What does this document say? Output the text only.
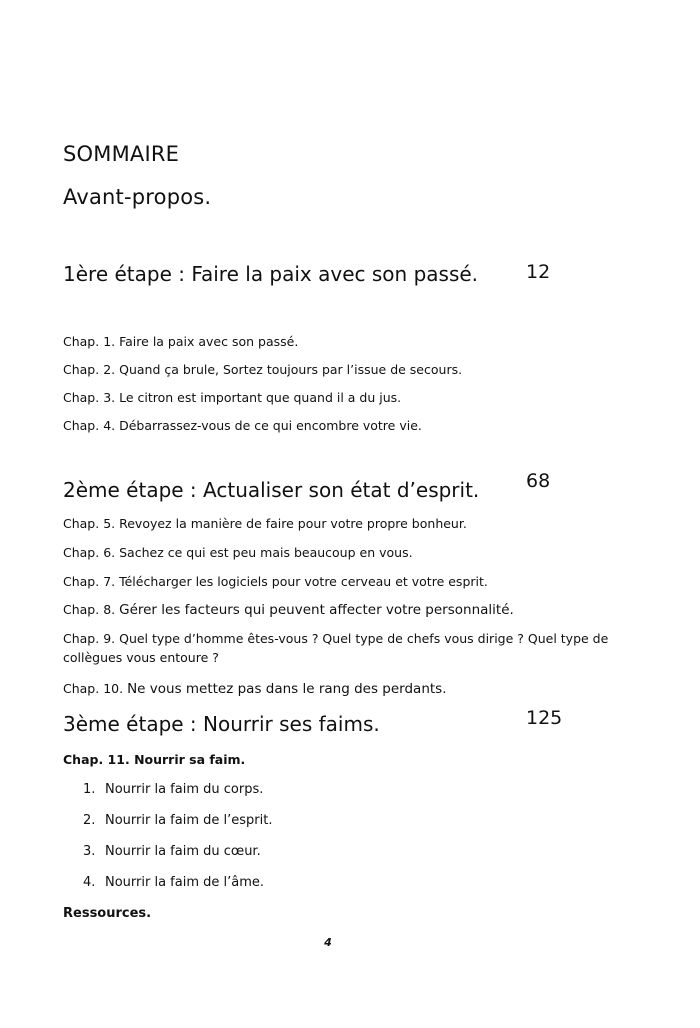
SOMMAIRE
Avant-propos.
1ère étape : Faire la paix avec son passé.	12
Chap. 1. Faire la paix avec son passé.
Chap. 2. Quand ça brule, Sortez toujours par l’issue de secours.
Chap. 3. Le citron est important que quand il a du jus.
Chap. 4. Débarrassez-vous de ce qui encombre votre vie.
2ème étape : Actualiser son état d’esprit. 68
Chap. 5. Revoyez la manière de faire pour votre propre bonheur.
Chap. 6. Sachez ce qui est peu mais beaucoup en vous.
Chap. 7. Télécharger les logiciels pour votre cerveau et votre esprit.
Chap. 8. Gérer les facteurs qui peuvent affecter votre personnalité.
Chap. 9. Quel type d’homme êtes-vous ? Quel type de chefs vous dirige ? Quel type de collègues vous entoure ?
Chap. 10. Ne vous mettez pas dans le rang des perdants.
3ème étape : Nourrir ses faims.	125
Chap. 11. Nourrir sa faim.
1. Nourrir la faim du corps.
2. Nourrir la faim de l’esprit.
3. Nourrir la faim du cœur.
4. Nourrir la faim de l’âme.
Ressources.
4
